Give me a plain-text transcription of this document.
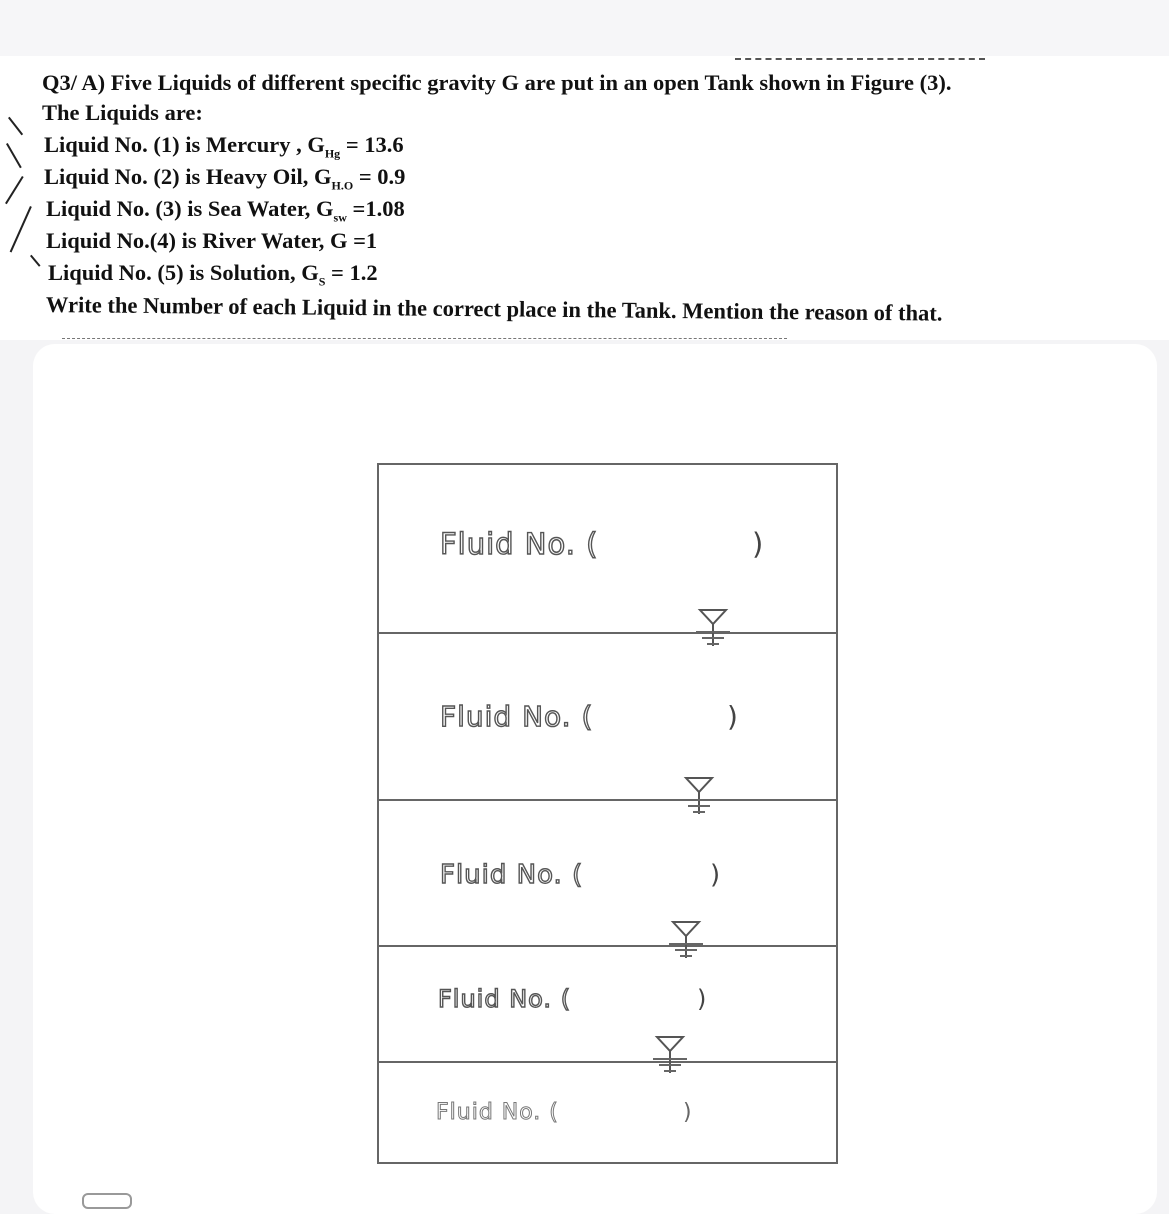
Q3/ A) Five Liquids of different specific gravity G are put in an open Tank shown in Figure (3).

The Liquids are:

Liquid No. (1) is Mercury , $G_{Hg} = 13.6$

Liquid No. (2) is Heavy Oil, $G_{H.O} = 0.9$

Liquid No. (3) is Sea Water, $G_{sw} =1.08$

Liquid No.(4) is River Water, G =1

Liquid No. (5) is Solution, $G_S = 1.2$

Write the Number of each Liquid in the correct place in the Tank. Mention the reason of that.

Fluid No. (	)
Fluid No. (	)
Fluid No. (	)
Fluid No. (	)
Fluid No. (	)
